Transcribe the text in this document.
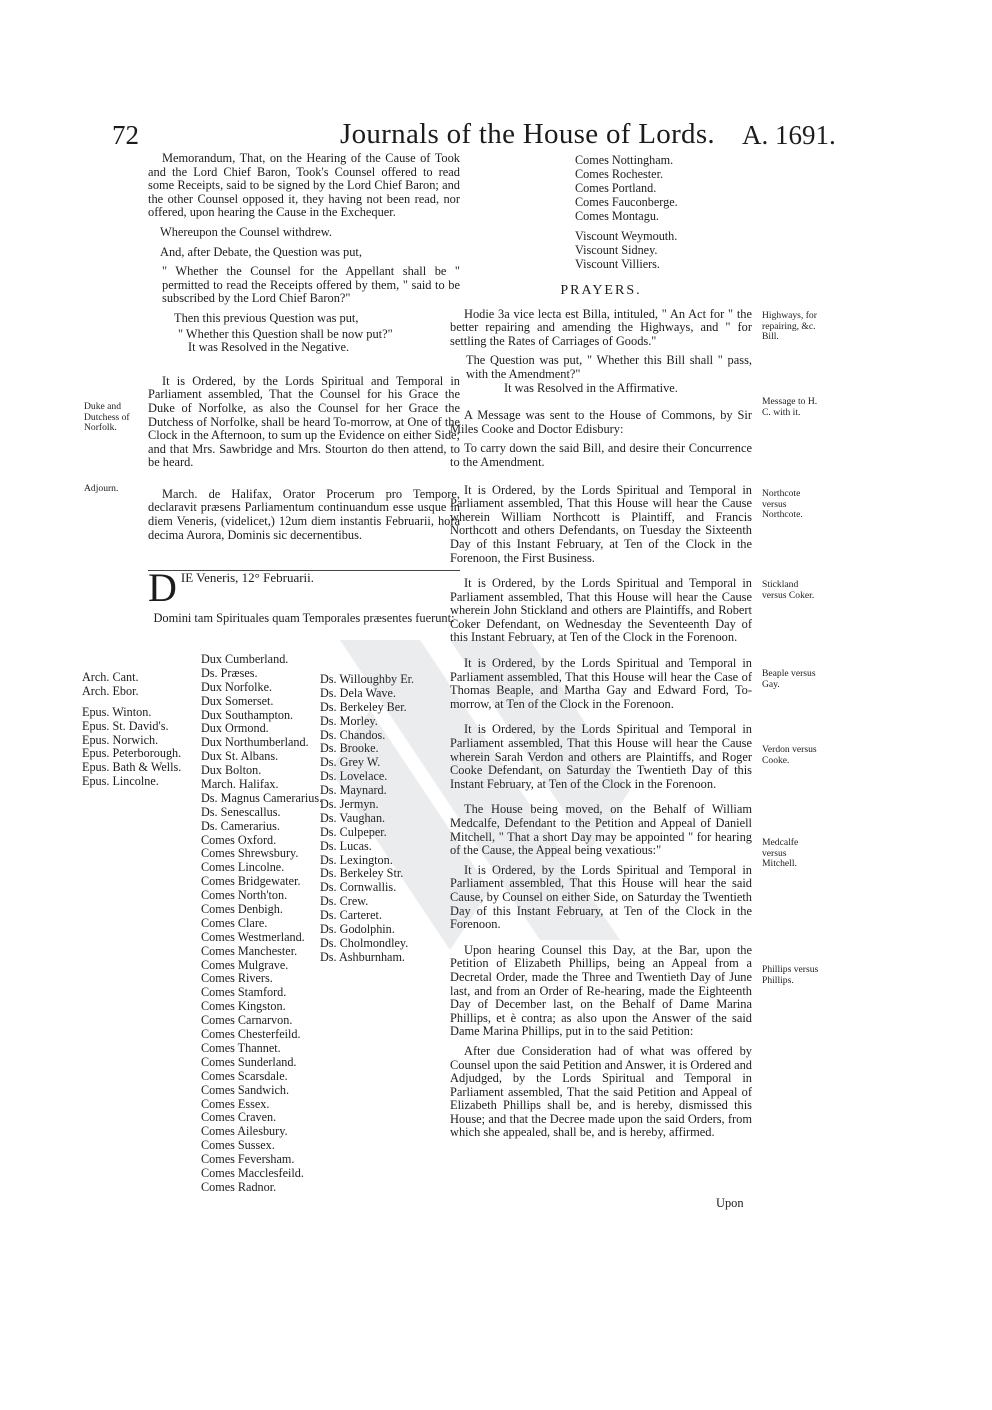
72	Journals of the House of Lords. A. 1691.

Memorandum, That, on the Hearing of the Cause of Took and the Lord Chief Baron, Took's Counsel offered to read some Receipts, said to be signed by the Lord Chief Baron; and the other Counsel opposed it, they having not been read, nor offered, upon hearing the Cause in the Exchequer.

Whereupon the Counsel withdrew.

And, after Debate, the Question was put,

" Whether the Counsel for the Appellant shall be " permitted to read the Receipts offered by them, " said to be subscribed by the Lord Chief Baron?"

Then this previous Question was put,

" Whether this Question shall be now put?"

It was Resolved in the Negative.

It is Ordered, by the Lords Spiritual and Temporal in Parliament assembled, That the Counsel for his Grace the Duke of Norfolke, as also the Counsel for her Grace the Dutchess of Norfolke, shall be heard To-morrow, at One of the Clock in the Afternoon, to sum up the Evidence on either Side; and that Mrs. Sawbridge and Mrs. Stourton do then attend, to be heard.

March. de Halifax, Orator Procerum pro Tempore, declaravit præsens Parliamentum continuandum esse usque in diem Veneris, (videlicet,) 12um diem instantis Februarii, hora decima Aurora, Dominis sic decernentibus.

D IE Veneris, 12° Februarii.

Domini tam Spirituales quam Temporales præsentes fuerunt:

Duke and Dutchess of Norfolk.
Adjourn.
Arch. Cant.
Arch. Ebor.
Epus. Winton.
Epus. St. David's.
Epus. Norwich.
Epus. Peterborough.
Epus. Bath & Wells.
Epus. Lincolne.
Dux Cumberland.
Ds. Præses.
Dux Norfolke.
Dux Somerset.
Dux Southampton.
Dux Ormond.
Dux Northumberland.
Dux St. Albans.
Dux Bolton.
March. Halifax.
Ds. Magnus Camerarius.
Ds. Senescallus.
Ds. Camerarius.
Comes Oxford.
Comes Shrewsbury.
Comes Lincolne.
Comes Bridgewater.
Comes North'ton.
Comes Denbigh.
Comes Clare.
Comes Westmerland.
Comes Manchester.
Comes Mulgrave.
Comes Rivers.
Comes Stamford.
Comes Kingston.
Comes Carnarvon.
Comes Chesterfeild.
Comes Thannet.
Comes Sunderland.
Comes Scarsdale.
Comes Sandwich.
Comes Essex.
Comes Craven.
Comes Ailesbury.
Comes Sussex.
Comes Feversham.
Comes Macclesfeild.
Comes Radnor.
Ds. Willoughby Er.
Ds. Dela Wave.
Ds. Berkeley Ber.
Ds. Morley.
Ds. Chandos.
Ds. Brooke.
Ds. Grey W.
Ds. Lovelace.
Ds. Maynard.
Ds. Jermyn.
Ds. Vaughan.
Ds. Culpeper.
Ds. Lucas.
Ds. Lexington.
Ds. Berkeley Str.
Ds. Cornwallis.
Ds. Crew.
Ds. Carteret.
Ds. Godolphin.
Ds. Cholmondley.
Ds. Ashburnham.
Comes Nottingham.
Comes Rochester.
Comes Portland.
Comes Fauconberge.
Comes Montagu.
Viscount Weymouth.
Viscount Sidney.
Viscount Villiers.
PRAYERS.

Hodie 3a vice lecta est Billa, intituled, " An Act for " the better repairing and amending the Highways, and " for settling the Rates of Carriages of Goods."

The Question was put, " Whether this Bill shall " pass, with the Amendment?"

It was Resolved in the Affirmative.

A Message was sent to the House of Commons, by Sir Miles Cooke and Doctor Edisbury:

To carry down the said Bill, and desire their Concurrence to the Amendment.

It is Ordered, by the Lords Spiritual and Temporal in Parliament assembled, That this House will hear the Cause wherein William Northcott is Plaintiff, and Francis Northcott and others Defendants, on Tuesday the Sixteenth Day of this Instant February, at Ten of the Clock in the Forenoon, the First Business.

It is Ordered, by the Lords Spiritual and Temporal in Parliament assembled, That this House will hear the Cause wherein John Stickland and others are Plaintiffs, and Robert Coker Defendant, on Wednesday the Seventeenth Day of this Instant February, at Ten of the Clock in the Forenoon.

It is Ordered, by the Lords Spiritual and Temporal in Parliament assembled, That this House will hear the Case of Thomas Beaple, and Martha Gay and Edward Ford, To-morrow, at Ten of the Clock in the Forenoon.

It is Ordered, by the Lords Spiritual and Temporal in Parliament assembled, That this House will hear the Cause wherein Sarah Verdon and others are Plaintiffs, and Roger Cooke Defendant, on Saturday the Twentieth Day of this Instant February, at Ten of the Clock in the Forenoon.

The House being moved, on the Behalf of William Medcalfe, Defendant to the Petition and Appeal of Daniell Mitchell, " That a short Day may be appointed " for hearing of the Cause, the Appeal being vexatious:"

It is Ordered, by the Lords Spiritual and Temporal in Parliament assembled, That this House will hear the said Cause, by Counsel on either Side, on Saturday the Twentieth Day of this Instant February, at Ten of the Clock in the Forenoon.

Upon hearing Counsel this Day, at the Bar, upon the Petition of Elizabeth Phillips, being an Appeal from a Decretal Order, made the Three and Twentieth Day of June last, and from an Order of Re-hearing, made the Eighteenth Day of December last, on the Behalf of Dame Marina Phillips, et è contra; as also upon the Answer of the said Dame Marina Phillips, put in to the said Petition:

After due Consideration had of what was offered by Counsel upon the said Petition and Answer, it is Ordered and Adjudged, by the Lords Spiritual and Temporal in Parliament assembled, That the said Petition and Appeal of Elizabeth Phillips shall be, and is hereby, dismissed this House; and that the Decree made upon the said Orders, from which she appealed, shall be, and is hereby, affirmed.

Upon
Highways, for repairing, &c. Bill.
Message to H. C. with it.
Northcote versus Northcote.
Stickland versus Coker.
Beaple versus Gay.
Verdon versus Cooke.
Medcalfe versus Mitchell.
Phillips versus Phillips.
